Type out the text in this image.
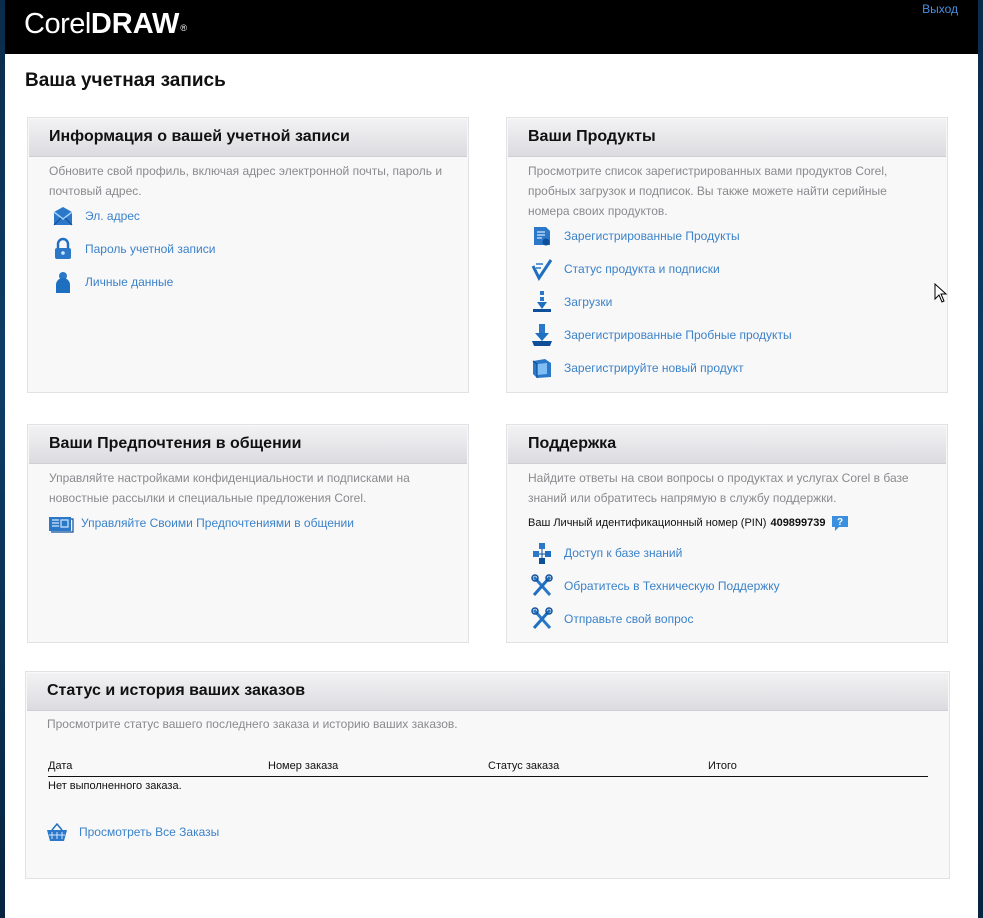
CorelDRAW®
Выход
Ваша учетная запись
Информация о вашей учетной записи
Обновите свой профиль, включая адрес электронной почты, пароль и
почтовый адрес.
Эл. адрес
Пароль учетной записи
Личные данные
Ваши Продукты
Просмотрите список зарегистрированных вами продуктов Corel,
пробных загрузок и подписок. Вы также можете найти серийные
номера своих продуктов.
Зарегистрированные Продукты
Статус продукта и подписки
Загрузки
Зарегистрированные Пробные продукты
Зарегистрируйте новый продукт
Ваши Предпочтения в общении
Управляйте настройками конфиденциальности и подписками на
новостные рассылки и специальные предложения Corel.
Управляйте Своими Предпочтениями в общении
Поддержка
Найдите ответы на свои вопросы о продуктах и услугах Corel в базе
знаний или обратитесь напрямую в службу поддержки.
Ваш Личный идентификационный номер (PIN) 409899739 ?
Доступ к базе знаний
Обратитесь в Техническую Поддержку
Отправьте свой вопрос
Статус и история ваших заказов
Просмотрите статус вашего последнего заказа и историю ваших заказов.
Дата	Номер заказа	Статус заказа	Итого
Нет выполненного заказа.
Просмотреть Все Заказы
